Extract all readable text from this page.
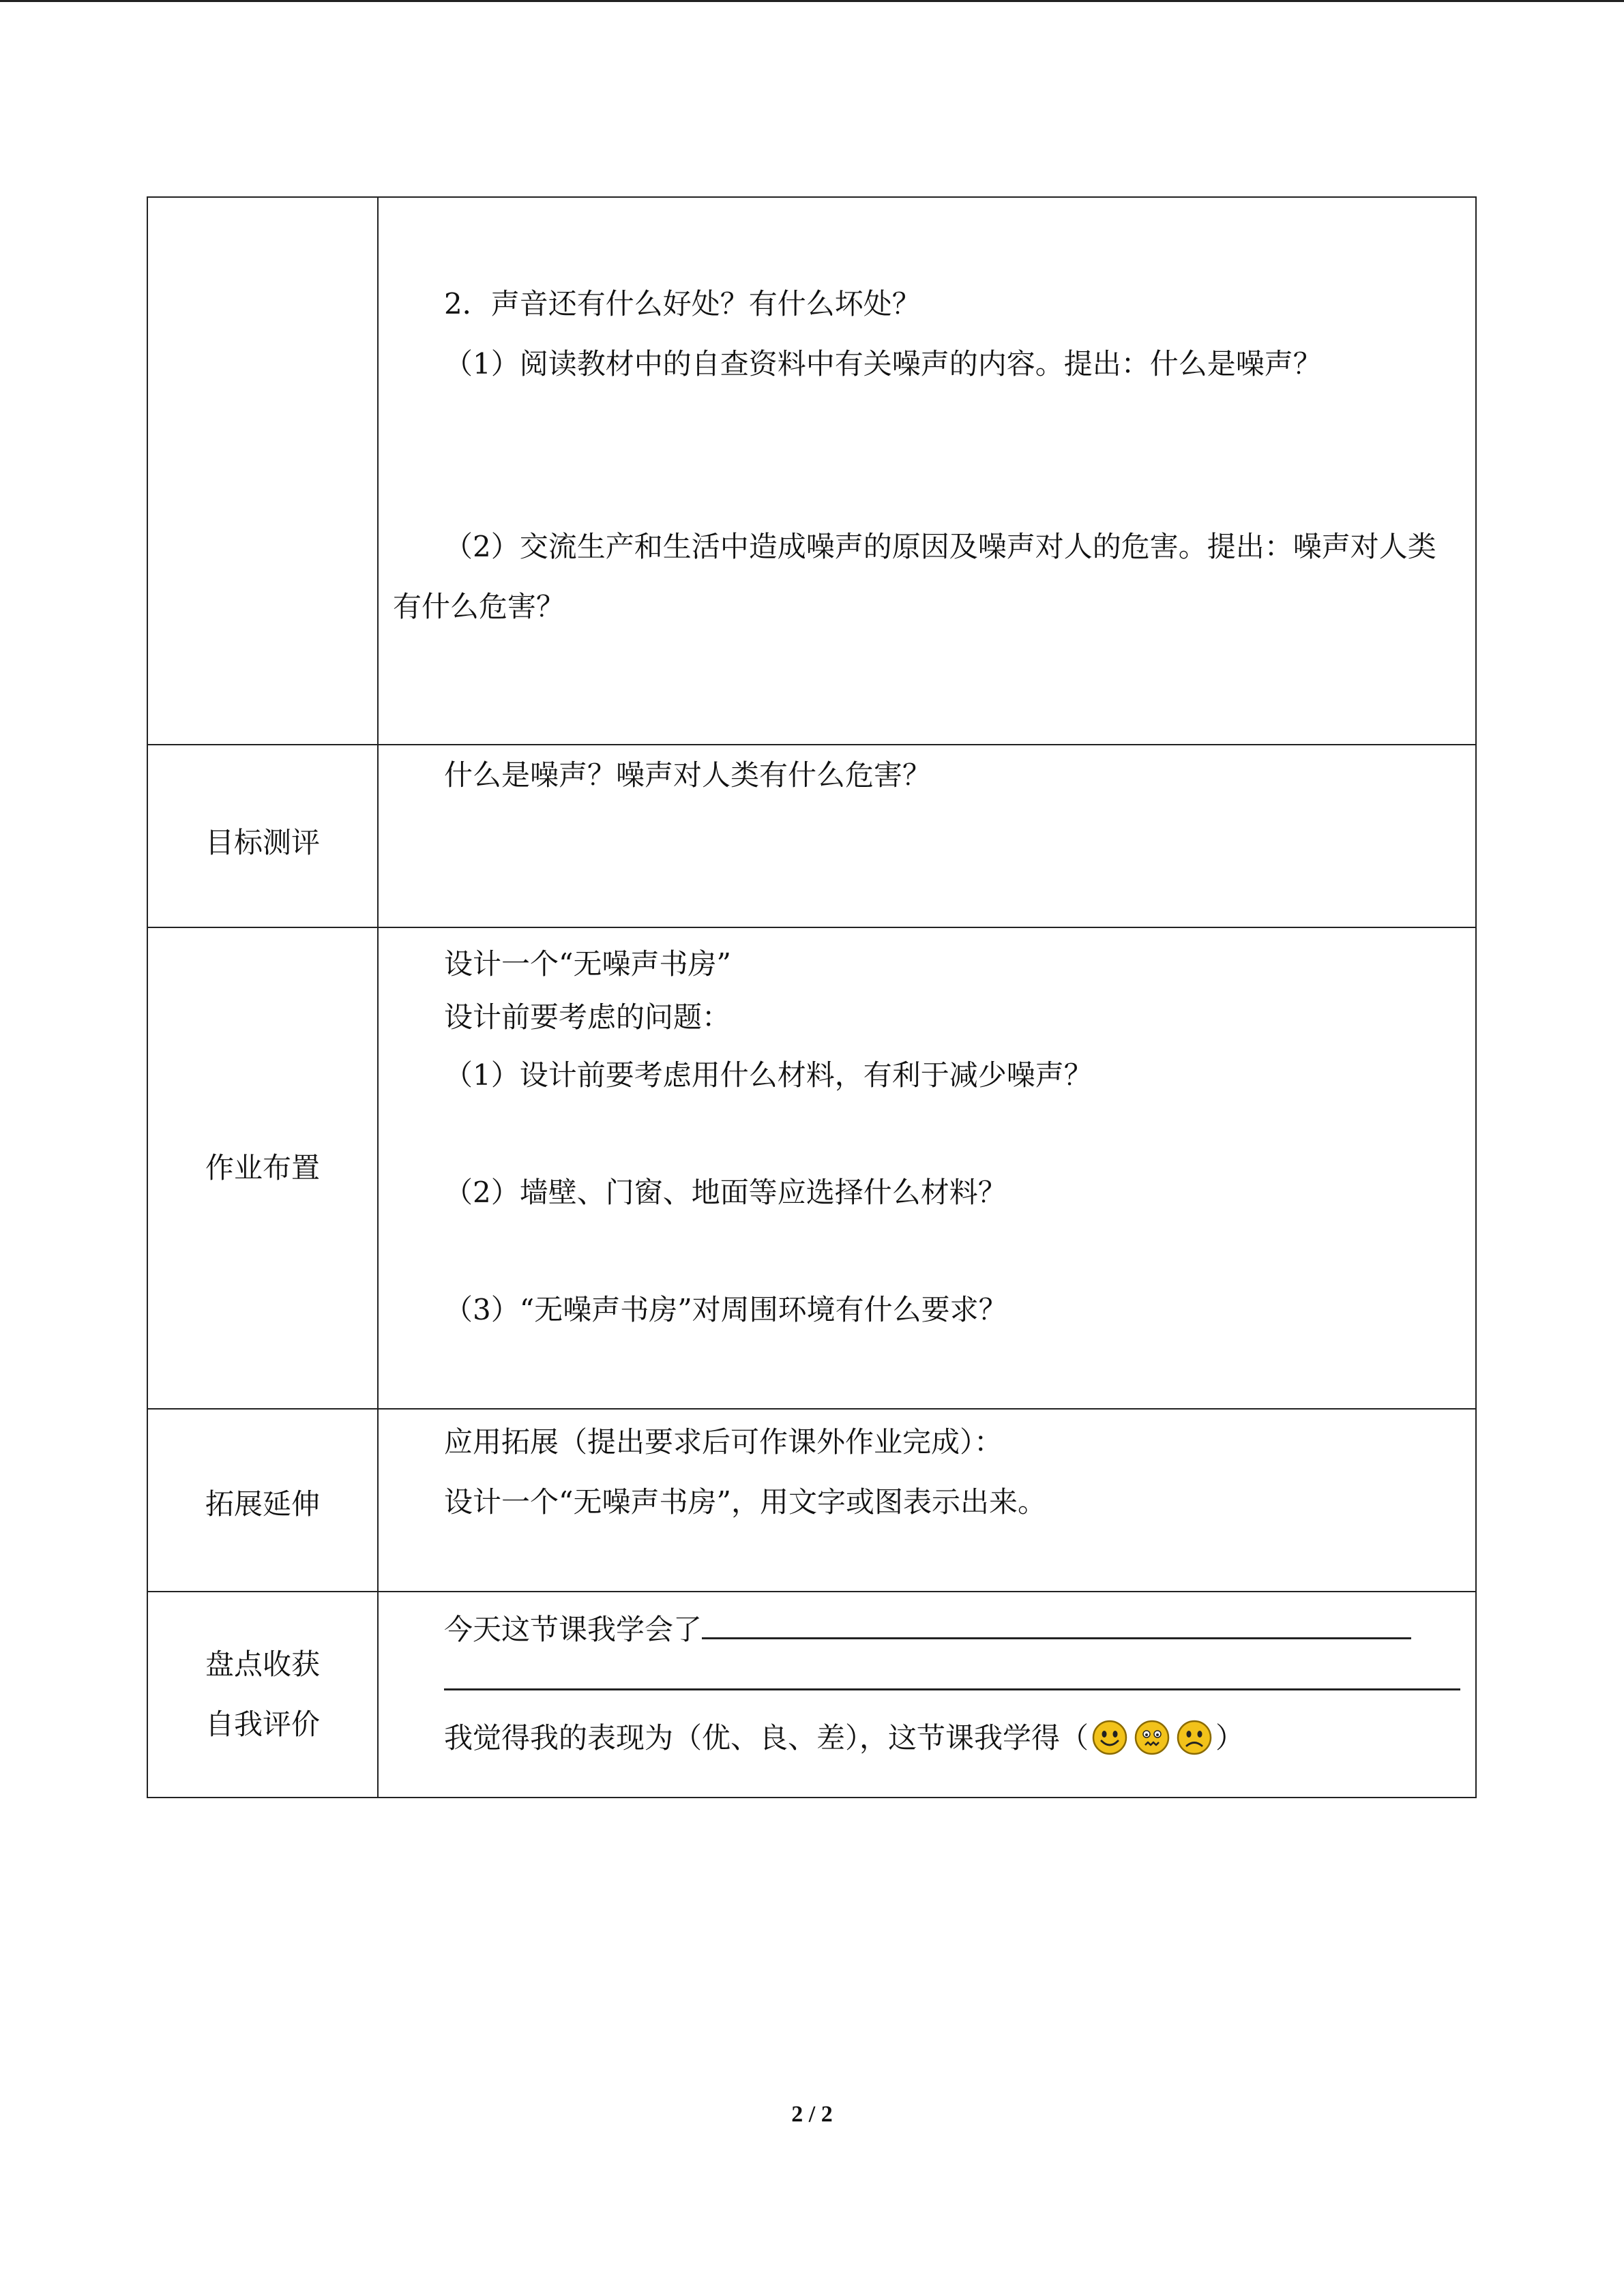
	2．声音还有什么好处？有什么坏处？
（1）阅读教材中的自查资料中有关噪声的内容。提出：什么是噪声？
（2）交流生产和生活中造成噪声的原因及噪声对人的危害。提出：噪声对人类有什么危害？

目标测评	什么是噪声？噪声对人类有什么危害？

作业布置	设计一个“无噪声书房”
设计前要考虑的问题：
（1）设计前要考虑用什么材料，有利于减少噪声？
（2）墙壁、门窗、地面等应选择什么材料？
（3）“无噪声书房”对周围环境有什么要求？

拓展延伸	应用拓展（提出要求后可作课外作业完成）：
设计一个“无噪声书房”，用文字或图表示出来。

盘点收获
自我评价	今天这节课我学会了
我觉得我的表现为（优、良、差），这节课我学得（ ）
2 / 2
